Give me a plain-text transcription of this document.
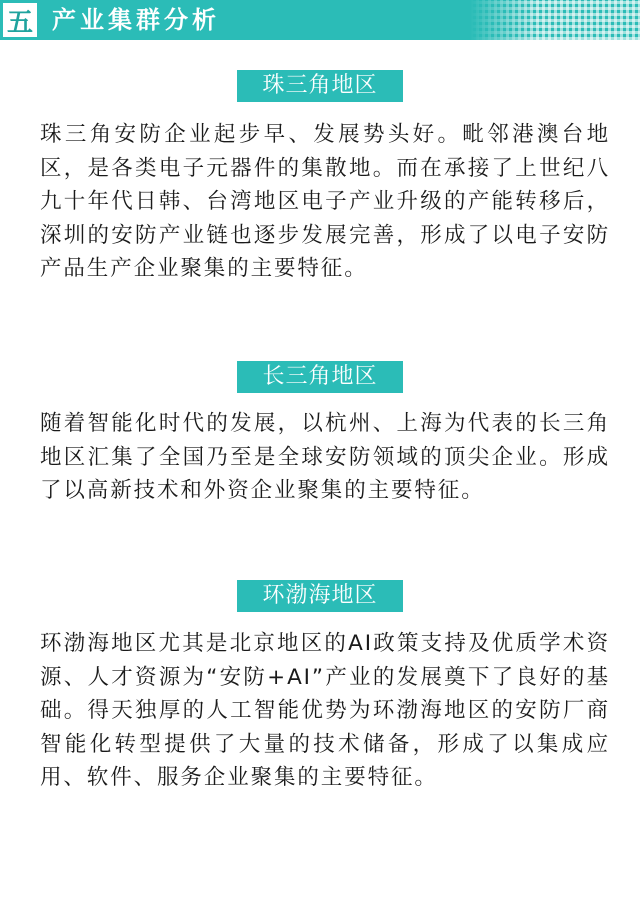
五 产业集群分析
珠三角地区
珠三角安防企业起步早、发展势头好。毗邻港澳台地区，是各类电子元器件的集散地。而在承接了上世纪八九十年代日韩、台湾地区电子产业升级的产能转移后，深圳的安防产业链也逐步发展完善，形成了以电子安防产品生产企业聚集的主要特征。
长三角地区
随着智能化时代的发展，以杭州、上海为代表的长三角地区汇集了全国乃至是全球安防领域的顶尖企业。形成了以高新技术和外资企业聚集的主要特征。
环渤海地区
环渤海地区尤其是北京地区的AI政策支持及优质学术资源、人才资源为“安防+AI”产业的发展奠下了良好的基础。得天独厚的人工智能优势为环渤海地区的安防厂商智能化转型提供了大量的技术储备，形成了以集成应用、软件、服务企业聚集的主要特征。
